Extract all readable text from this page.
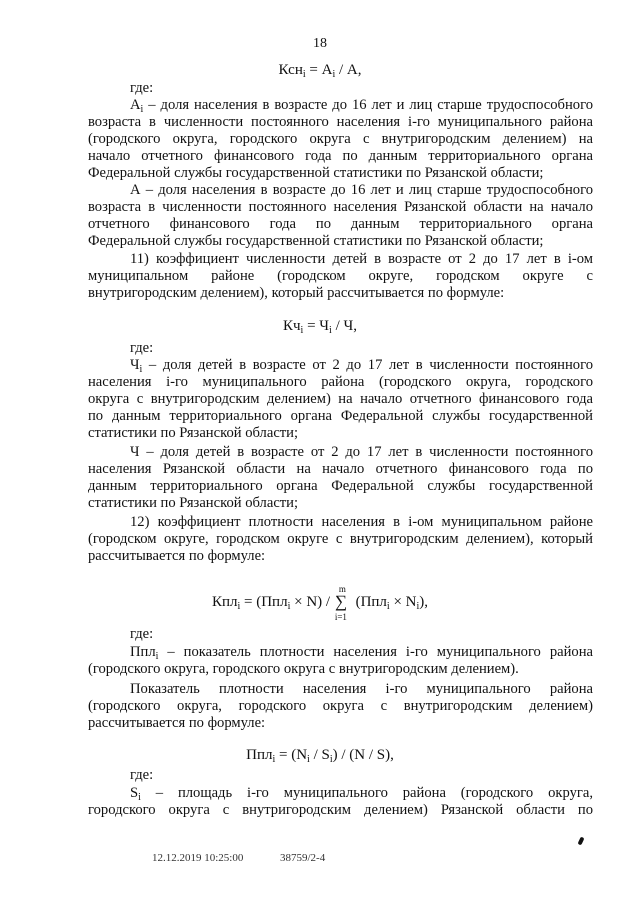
18
$Ксн_i = А_i / А$,
где:
$А_i$ – доля населения в возрасте до 16 лет и лиц старше трудоспособного
возраста в численности постоянного населения i-го муниципального района
(городского округа, городского округа с внутригородским делением) на
начало отчетного финансового года по данным территориального органа
Федеральной службы государственной статистики по Рязанской области;
А – доля населения в возрасте до 16 лет и лиц старше трудоспособного
возраста в численности постоянного населения Рязанской области на начало
отчетного финансового года по данным территориального органа
Федеральной службы государственной статистики по Рязанской области;
11) коэффициент численности детей в возрасте от 2 до 17 лет в i-ом
муниципальном районе (городском округе, городском округе с
внутригородским делением), который рассчитывается по формуле:
$Кч_i = Ч_i / Ч$,
где:
$Ч_i$ – доля детей в возрасте от 2 до 17 лет в численности постоянного
населения i-го муниципального района (городского округа, городского
округа с внутригородским делением) на начало отчетного финансового года
по данным территориального органа Федеральной службы государственной
статистики по Рязанской области;
Ч – доля детей в возрасте от 2 до 17 лет в численности постоянного
населения Рязанской области на начало отчетного финансового года по
данным территориального органа Федеральной службы государственной
статистики по Рязанской области;
12) коэффициент плотности населения в i-ом муниципальном районе
(городском округе, городском округе с внутригородским делением), который
рассчитывается по формуле:
Кпл$_i$ = (Ппл$_i$ × N) /
m
∑
i=1
$(Ппл_i \times N_i)$,
где:
Ппл$_i$ – показатель плотности населения i-го муниципального района
(городского округа, городского округа с внутригородским делением).
Показатель плотности населения i-го муниципального района
(городского округа, городского округа с внутригородским делением)
рассчитывается по формуле:
$Ппл_i = (N_i / S_i) / (N / S)$,
где:
$S_i$ – площадь i-го муниципального района (городского округа,
городского округа с внутригородским делением) Рязанской области по
12.12.2019 10:25:00	38759/2-4
